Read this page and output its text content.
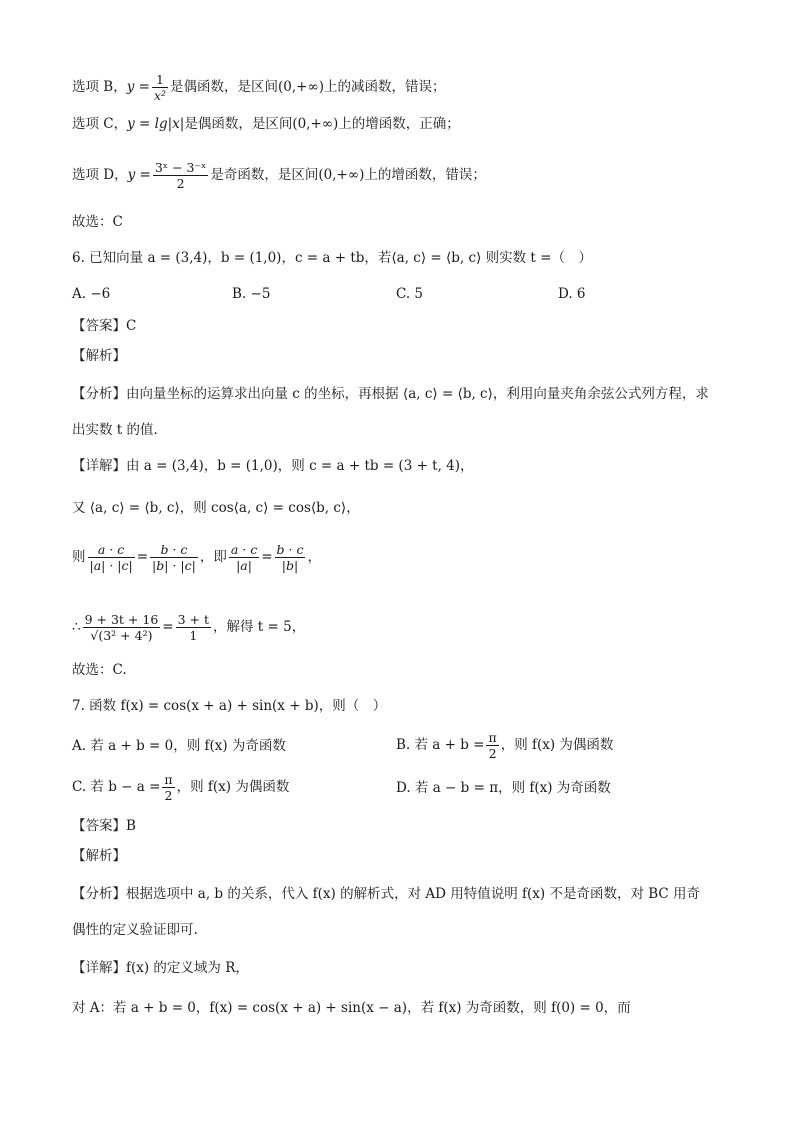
选项 B，$y = \frac{1}{\text{x²}}$ 是偶函数，是区间(0,+∞)上的减函数，错误；
选项 C，y = lg|x|是偶函数，是区间(0,+∞)上的增函数，正确；
选项 D，$y = \frac{\text{3ˣ − 3⁻ˣ}}{2}$ 是奇函数，是区间(0,+∞)上的增函数，错误；
故选：C
6. 已知向量 a = (3,4)，b = (1,0)，c = a + tb，若⟨a, c⟩ = ⟨b, c⟩ 则实数 t =（　）
A. −6	B. −5	C. 5	D. 6
【答案】C
【解析】
【分析】由向量坐标的运算求出向量 c 的坐标，再根据 ⟨a, c⟩ = ⟨b, c⟩，利用向量夹角余弦公式列方程，求
出实数 t 的值.
【详解】由 a = (3,4)，b = (1,0)，则 c = a + tb = (3 + t, 4)，
又 ⟨a, c⟩ = ⟨b, c⟩，则 cos⟨a, c⟩ = cos⟨b, c⟩，
则 $\frac{a \cdot c}{|a| \cdot |c|} = \frac{b \cdot c}{|b| \cdot |c|}$ ，即 $\frac{a \cdot c}{|a|} = \frac{b \cdot c}{|b|}$ ，
∴ $\frac{9 + 3t + 16}{\text{√(3² + 4²)}} = \frac{3 + t}{1}$ ，解得 t = 5，
故选：C.
7. 函数 f(x) = cos(x + a) + sin(x + b)，则（　）
A. 若 a + b = 0，则 f(x) 为奇函数	B. 若 $a + b = \frac{\pi}{2}$ ，则 f(x) 为偶函数
C. 若 $b - a = \frac{\pi}{2}$ ，则 f(x) 为偶函数	D. 若 a − b = π，则 f(x) 为奇函数
【答案】B
【解析】
【分析】根据选项中 a, b 的关系，代入 f(x) 的解析式，对 AD 用特值说明 f(x) 不是奇函数，对 BC 用奇
偶性的定义验证即可.
【详解】f(x) 的定义域为 R，
对 A：若 a + b = 0，f(x) = cos(x + a) + sin(x − a)，若 f(x) 为奇函数，则 f(0) = 0，而
